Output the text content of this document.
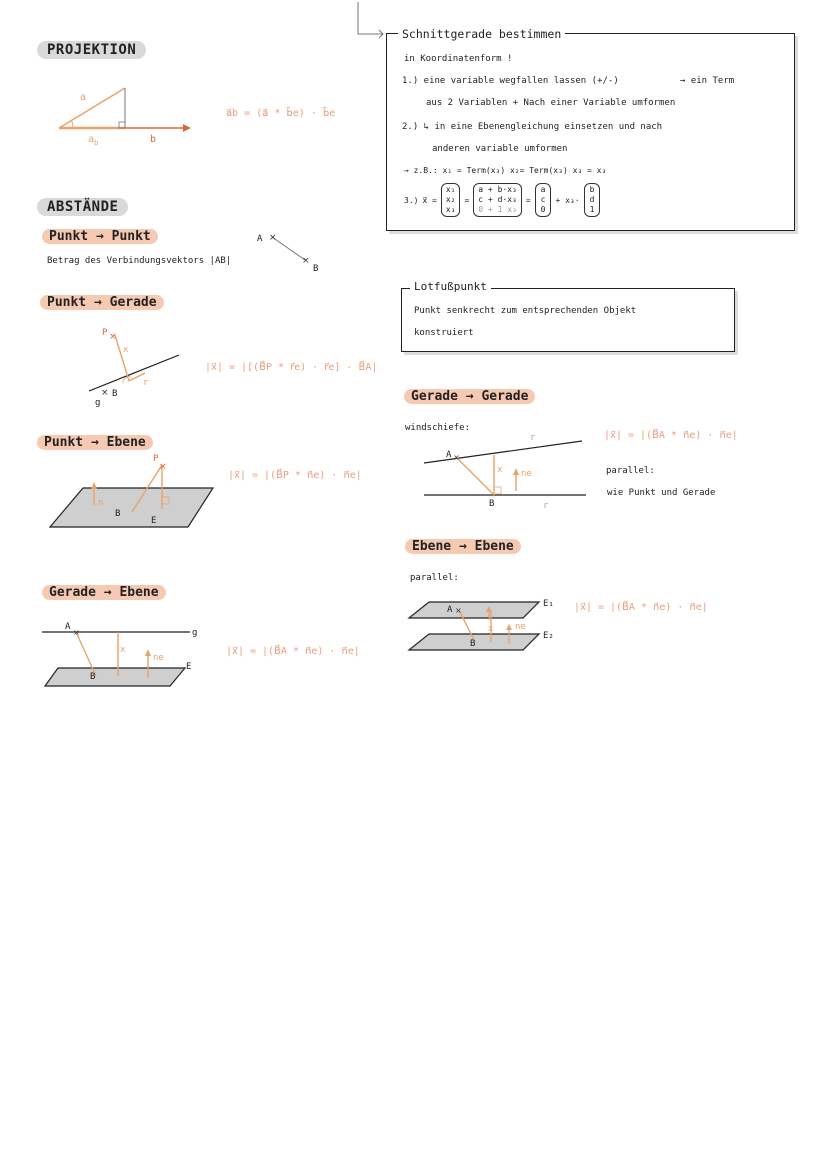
PROJEKTION
a
$a_b$	b
a⃗b = (a⃗ * b⃗e) · b⃗e
ABSTÄNDE
Punkt → Punkt
Betrag des Verbindungsvektors |AB|
×
×
A
B
Punkt → Gerade
×
×
P
x
r
B
g
|x⃗| = |[(B⃗P * r⃗e) · r⃗e] - B⃗A|
Punkt → Ebene
×
P
n
B
E
|x⃗| = |(B⃗P * n⃗e) · n⃗e|
Gerade → Ebene
×
A
g
x
ne
B
E
|x⃗| = |(B⃗A * n⃗e) · n⃗e|
Schnittgerade bestimmen
in Koordinatenform !
1.) eine variable wegfallen lassen (+/-)	→ ein Term
aus 2 Variablen + Nach einer Variable umformen
2.) ↳ in eine Ebenengleichung einsetzen und nach
anderen variable umformen
→ z.B.: x₁ = Term(x₃) x₂= Term(x₃) x₃ = x₃
3.) x⃗ =
x₁
x₂
x₃
=
a + b·x₃
c + d·x₃
0 + 1 x₃
=
a
c
0
+ x₃·
b
d
1
Lotfußpunkt
Punkt senkrecht zum entsprechenden Objekt
konstruiert
Gerade → Gerade
windschiefe:
×
A
B
x ne
r
r
|x⃗| = |(B⃗A * n⃗e) · n⃗e|
parallel:
wie Punkt und Gerade
Ebene → Ebene
parallel:
×
A
B
E₁
E₂
ne
x
|x⃗| = |(B⃗A * n⃗e) · n⃗e|
